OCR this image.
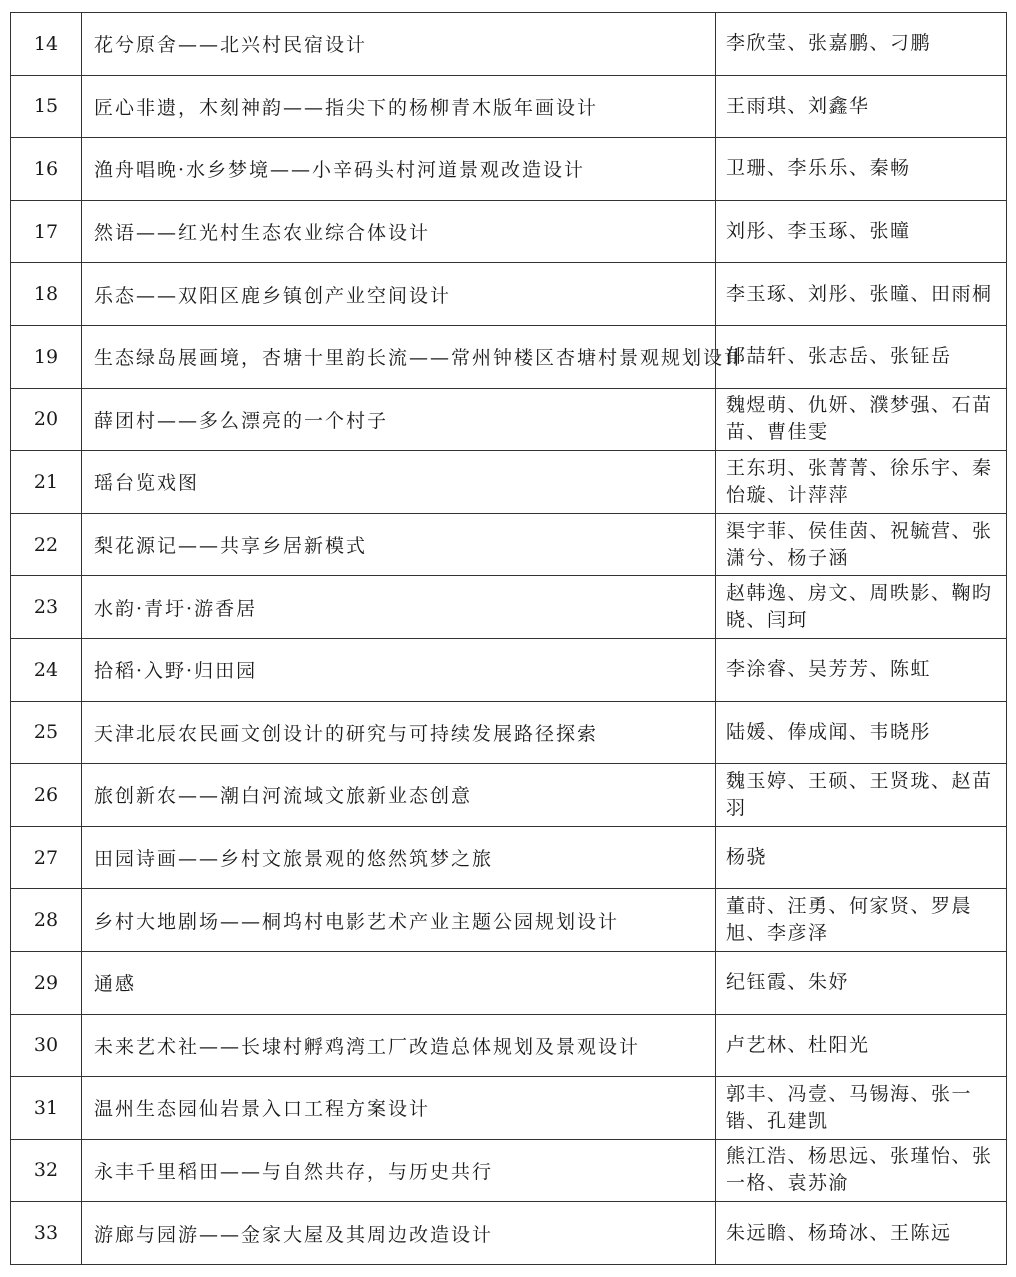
14	花兮原舍——北兴村民宿设计	李欣莹、张嘉鹏、刁鹏
15	匠心非遗，木刻神韵——指尖下的杨柳青木版年画设计	王雨琪、刘鑫华
16	渔舟唱晚·水乡梦境——小辛码头村河道景观改造设计	卫珊、李乐乐、秦畅
17	然语——红光村生态农业综合体设计	刘彤、李玉琢、张曈
18	乐态——双阳区鹿乡镇创产业空间设计	李玉琢、刘彤、张曈、田雨桐
19	生态绿岛展画境，杏塘十里韵长流——常州钟楼区杏塘村景观规划设计	郁喆轩、张志岳、张钲岳
20	薛团村——多么漂亮的一个村子	魏煜萌、仇妍、濮梦强、石苗苗、曹佳雯
21	瑶台览戏图	王东玥、张菁菁、徐乐宇、秦怡璇、计萍萍
22	梨花源记——共享乡居新模式	渠宇菲、侯佳茵、祝毓营、张潇兮、杨子涵
23	水韵·青圩·游香居	赵韩逸、房文、周昳影、鞠昀晓、闫珂
24	拾稻·入野·归田园	李涂睿、吴芳芳、陈虹
25	天津北辰农民画文创设计的研究与可持续发展路径探索	陆媛、俸成闻、韦晓彤
26	旅创新农——潮白河流域文旅新业态创意	魏玉婷、王硕、王贤珑、赵苗羽
27	田园诗画——乡村文旅景观的悠然筑梦之旅	杨骁
28	乡村大地剧场——桐坞村电影艺术产业主题公园规划设计	董莳、汪勇、何家贤、罗晨旭、李彦泽
29	通感	纪钰霞、朱妤
30	未来艺术社——长埭村孵鸡湾工厂改造总体规划及景观设计	卢艺林、杜阳光
31	温州生态园仙岩景入口工程方案设计	郭丰、冯壹、马锡海、张一锴、孔建凯
32	永丰千里稻田——与自然共存，与历史共行	熊江浩、杨思远、张瑾怡、张一格、袁苏渝
33	游廊与园游——金家大屋及其周边改造设计	朱远瞻、杨琦冰、王陈远
